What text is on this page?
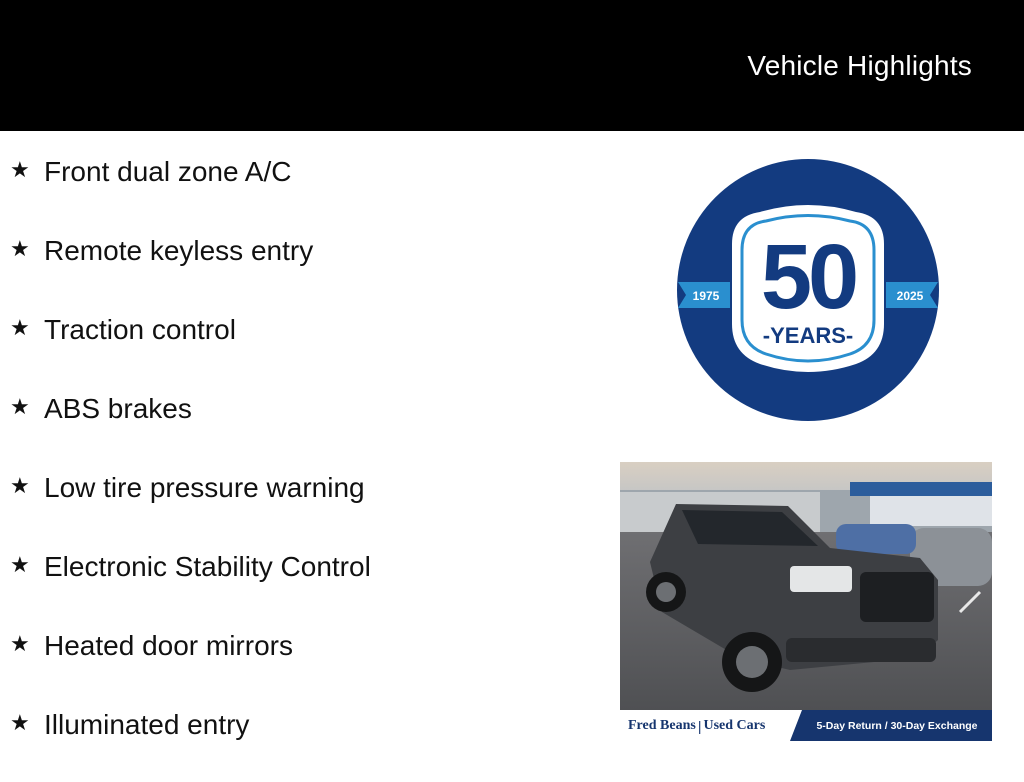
Vehicle Highlights
★ Front dual zone A/C
★ Remote keyless entry
★ Traction control
★ ABS brakes
★ Low tire pressure warning
★ Electronic Stability Control
★ Heated door mirrors
★ Illuminated entry
1975	2025
50
-YEARS-
Fred Beans | Used Cars	5-Day Return / 30-Day Exchange
